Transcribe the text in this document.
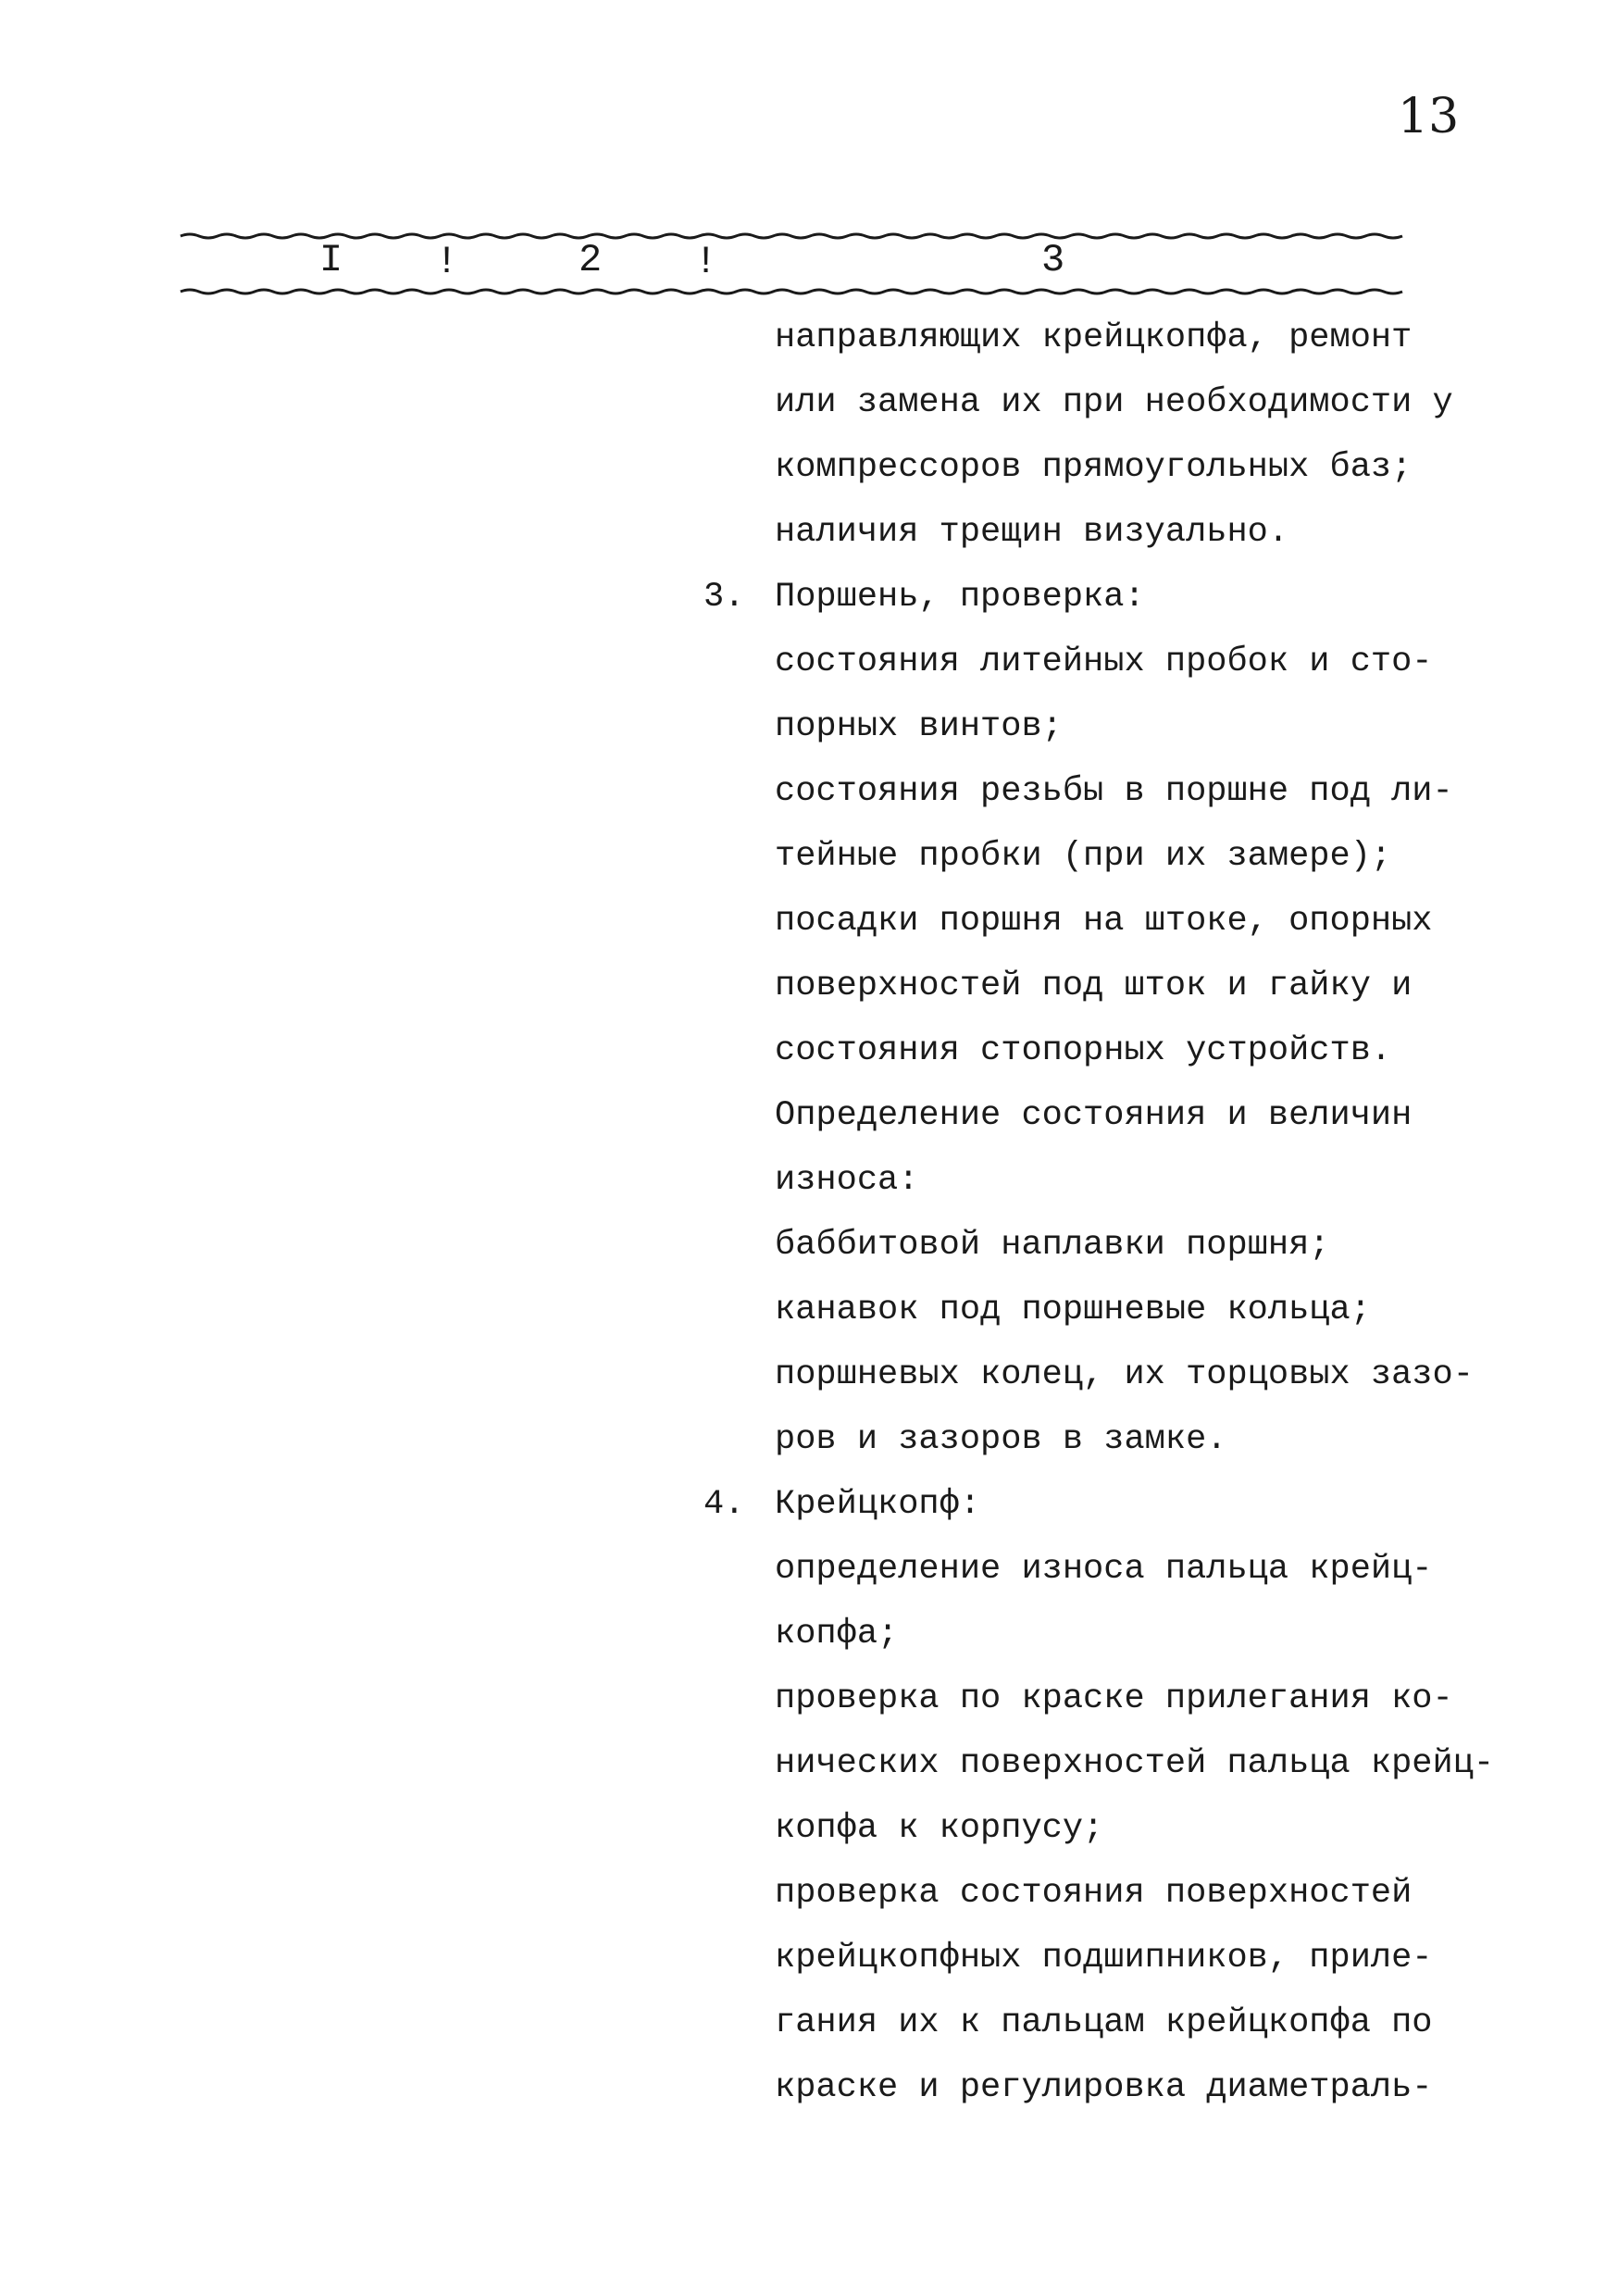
13
I !	2 !	3
направляющих крейцкопфа, ремонт
или замена их при необходимости у
компрессоров прямоугольных баз;
наличия трещин визуально.
3. Поршень, проверка:
состояния литейных пробок и сто-
порных винтов;
состояния резьбы в поршне под ли-
тейные пробки (при их замере);
посадки поршня на штоке, опорных
поверхностей под шток и гайку и
состояния стопорных устройств.
Определение состояния и величин
износа:
баббитовой наплавки поршня;
канавок под поршневые кольца;
поршневых колец, их торцовых зазо-
ров и зазоров в замке.
4. Крейцкопф:
определение износа пальца крейц-
копфа;
проверка по краске прилегания ко-
нических поверхностей пальца крейц-
копфа к корпусу;
проверка состояния поверхностей
крейцкопфных подшипников, приле-
гания их к пальцам крейцкопфа по
краске и регулировка диаметраль-
